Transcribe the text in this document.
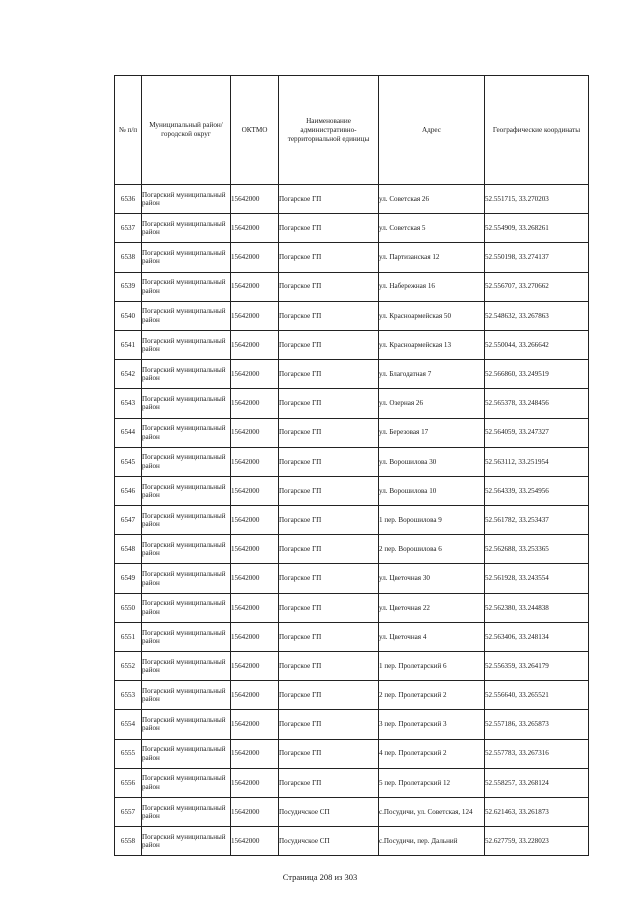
№ п/п	Муниципальный район/городской округ	ОКТМО	Наименование административно-территориальной единицы	Адрес	Географические координаты
6536	Погарский муниципальный район	15642000	Погарское ГП	ул. Советская 26	52.551715, 33.270203
6537	Погарский муниципальный район	15642000	Погарское ГП	ул. Советская 5	52.554909, 33.268261
6538	Погарский муниципальный район	15642000	Погарское ГП	ул. Партизанская 12	52.550198, 33.274137
6539	Погарский муниципальный район	15642000	Погарское ГП	ул. Набережная 16	52.556707, 33.270662
6540	Погарский муниципальный район	15642000	Погарское ГП	ул. Красноармейская 50	52.548632, 33.267863
6541	Погарский муниципальный район	15642000	Погарское ГП	ул. Красноармейская 13	52.550044, 33.266642
6542	Погарский муниципальный район	15642000	Погарское ГП	ул. Благодатная 7	52.566860, 33.249519
6543	Погарский муниципальный район	15642000	Погарское ГП	ул. Озерная 26	52.565378, 33.248456
6544	Погарский муниципальный район	15642000	Погарское ГП	ул. Березовая 17	52.564059, 33.247327
6545	Погарский муниципальный район	15642000	Погарское ГП	ул. Ворошилова 30	52.563112, 33.251954
6546	Погарский муниципальный район	15642000	Погарское ГП	ул. Ворошилова 10	52.564339, 33.254956
6547	Погарский муниципальный район	15642000	Погарское ГП	1 пер. Ворошилова 9	52.561782, 33.253437
6548	Погарский муниципальный район	15642000	Погарское ГП	2 пер. Ворошилова 6	52.562688, 33.253365
6549	Погарский муниципальный район	15642000	Погарское ГП	ул. Цветочная 30	52.561928, 33.243554
6550	Погарский муниципальный район	15642000	Погарское ГП	ул. Цветочная 22	52.562380, 33.244838
6551	Погарский муниципальный район	15642000	Погарское ГП	ул. Цветочная 4	52.563406, 33.248134
6552	Погарский муниципальный район	15642000	Погарское ГП	1 пер. Пролетарский 6	52.556359, 33.264179
6553	Погарский муниципальный район	15642000	Погарское ГП	2 пер. Пролетарский 2	52.556640, 33.265521
6554	Погарский муниципальный район	15642000	Погарское ГП	3 пер. Пролетарский 3	52.557186, 33.265873
6555	Погарский муниципальный район	15642000	Погарское ГП	4 пер. Пролетарский 2	52.557783, 33.267316
6556	Погарский муниципальный район	15642000	Погарское ГП	5 пер. Пролетарский 12	52.558257, 33.268124
6557	Погарский муниципальный район	15642000	Посудичское СП	с.Посудичи, ул. Советская, 124	52.621463, 33.261873
6558	Погарский муниципальный район	15642000	Посудичское СП	с.Посудичи, пер. Дальний	52.627759, 33.228023
Страница 208 из 303
